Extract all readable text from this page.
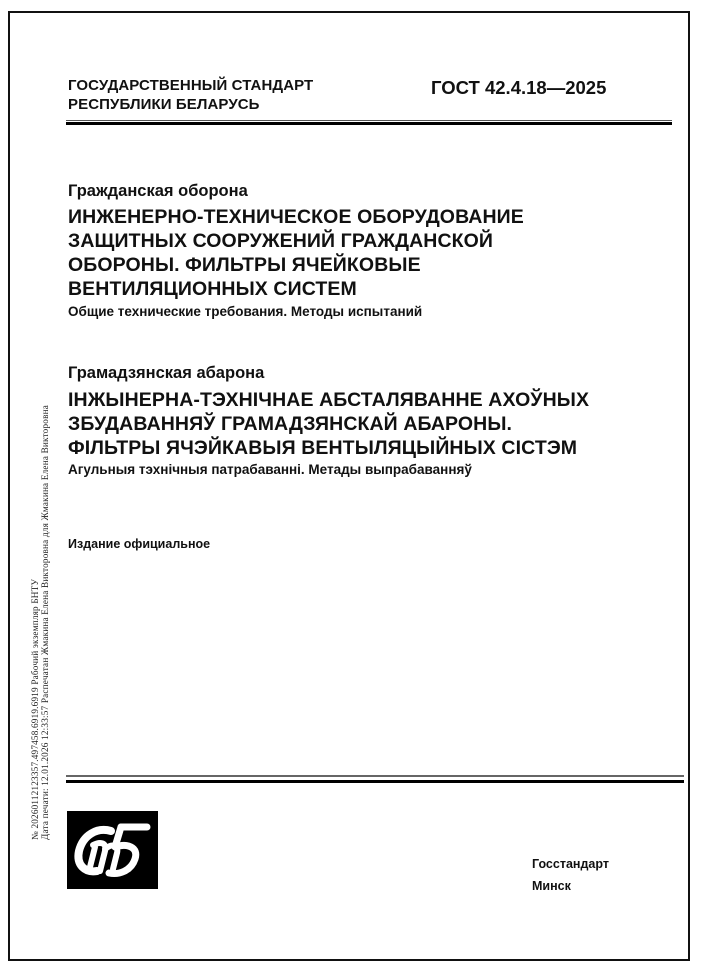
ГОСУДАРСТВЕННЫЙ СТАНДАРТ
РЕСПУБЛИКИ БЕЛАРУСЬ
ГОСТ 42.4.18—2025
Гражданская оборона
ИНЖЕНЕРНО-ТЕХНИЧЕСКОЕ ОБОРУДОВАНИЕ
ЗАЩИТНЫХ СООРУЖЕНИЙ ГРАЖДАНСКОЙ
ОБОРОНЫ. ФИЛЬТРЫ ЯЧЕЙКОВЫЕ
ВЕНТИЛЯЦИОННЫХ СИСТЕМ
Общие технические требования. Методы испытаний
Грамадзянская абарона
ІНЖЫНЕРНА-ТЭХНІЧНАЕ АБСТАЛЯВАННЕ АХОЎНЫХ
ЗБУДАВАННЯЎ ГРАМАДЗЯНСКАЙ АБАРОНЫ.
ФІЛЬТРЫ ЯЧЭЙКАВЫЯ ВЕНТЫЛЯЦЫЙНЫХ СІСТЭМ
Агульныя тэхнічныя патрабаванні. Метады выпрабаванняў
Издание официальное
Госстандарт
Минск
№ 20260112123357.497458.6919.6919 Рабочий экземпляр БНТУ Дата печати: 12.01.2026 12:33:57 Распечатан Жмакина Елена Викторовна для Жмакина Елена Викторовна
